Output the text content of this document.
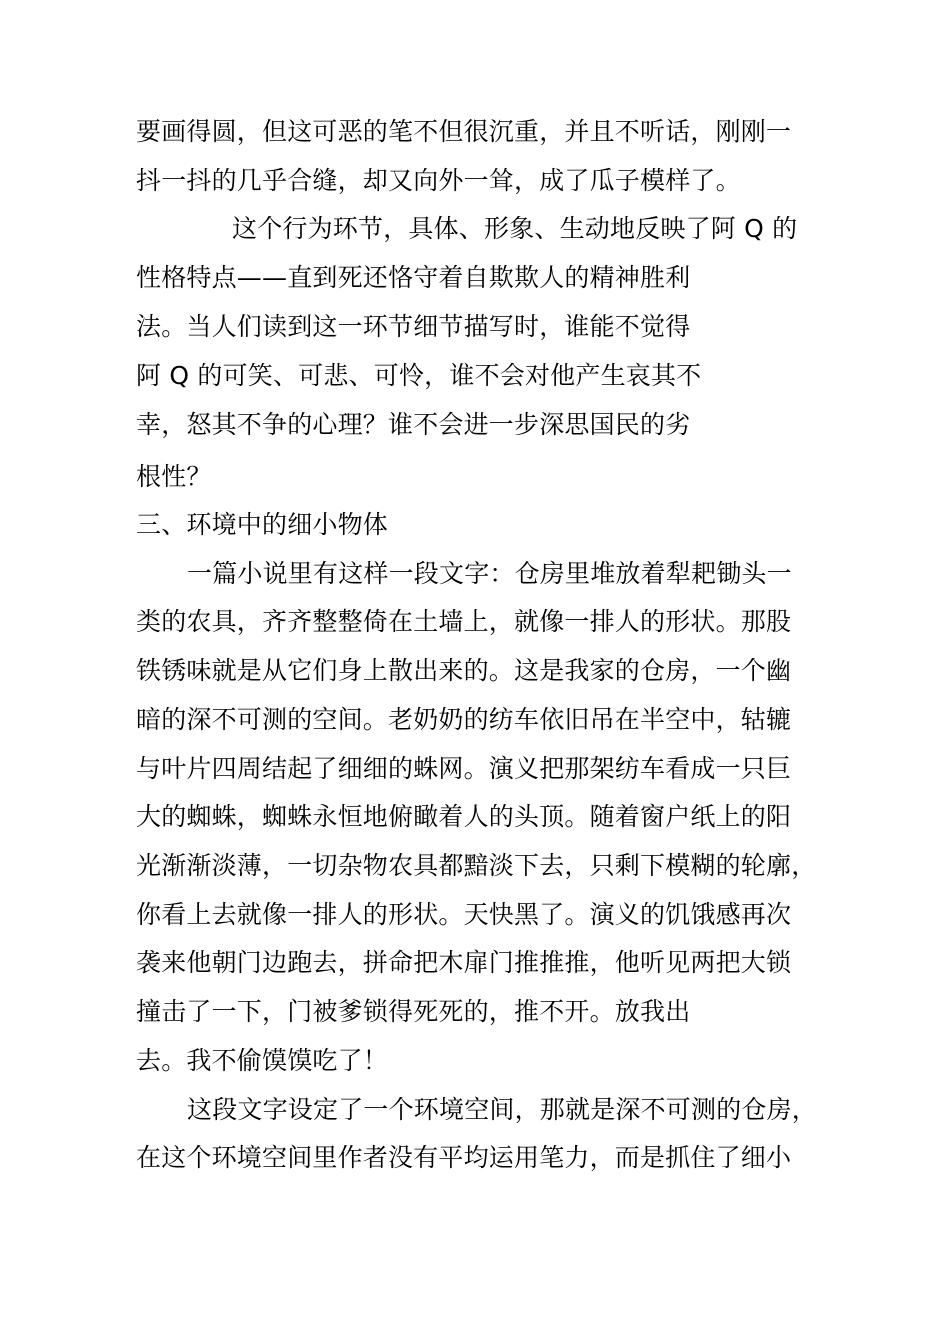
要画得圆，但这可恶的笔不但很沉重，并且不听话，刚刚一
抖一抖的几乎合缝，却又向外一耸，成了瓜子模样了。
这个行为环节，具体、形象、生动地反映了阿 Q 的
性格特点——直到死还恪守着自欺欺人的精神胜利
法。当人们读到这一环节细节描写时，谁能不觉得
阿 Q 的可笑、可悲、可怜，谁不会对他产生哀其不
幸，怒其不争的心理？谁不会进一步深思国民的劣
根性？
三、环境中的细小物体
一篇小说里有这样一段文字：仓房里堆放着犁耙锄头一
类的农具，齐齐整整倚在土墙上，就像一排人的形状。那股
铁锈味就是从它们身上散出来的。这是我家的仓房，一个幽
暗的深不可测的空间。老奶奶的纺车依旧吊在半空中，轱辘
与叶片四周结起了细细的蛛网。演义把那架纺车看成一只巨
大的蜘蛛，蜘蛛永恒地俯瞰着人的头顶。随着窗户纸上的阳
光渐渐淡薄，一切杂物农具都黯淡下去，只剩下模糊的轮廓，
你看上去就像一排人的形状。天快黑了。演义的饥饿感再次
袭来他朝门边跑去，拼命把木扉门推推推，他听见两把大锁
撞击了一下，门被爹锁得死死的，推不开。放我出
去。我不偷馍馍吃了！
这段文字设定了一个环境空间，那就是深不可测的仓房，
在这个环境空间里作者没有平均运用笔力，而是抓住了细小
